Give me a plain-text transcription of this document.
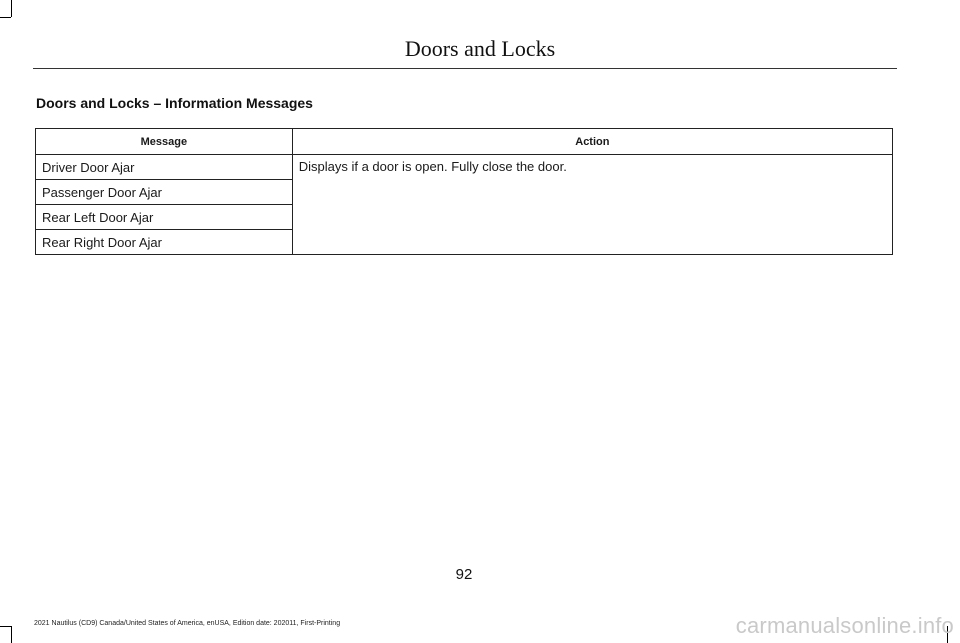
Doors and Locks
Doors and Locks – Information Messages
Message	Action
Driver Door Ajar	Displays if a door is open. Fully close the door.
Passenger Door Ajar	
Rear Left Door Ajar	
Rear Right Door Ajar	
92
2021 Nautilus (CD9) Canada/United States of America, enUSA, Edition date: 202011, First-Printing	carmanualsonline.info
